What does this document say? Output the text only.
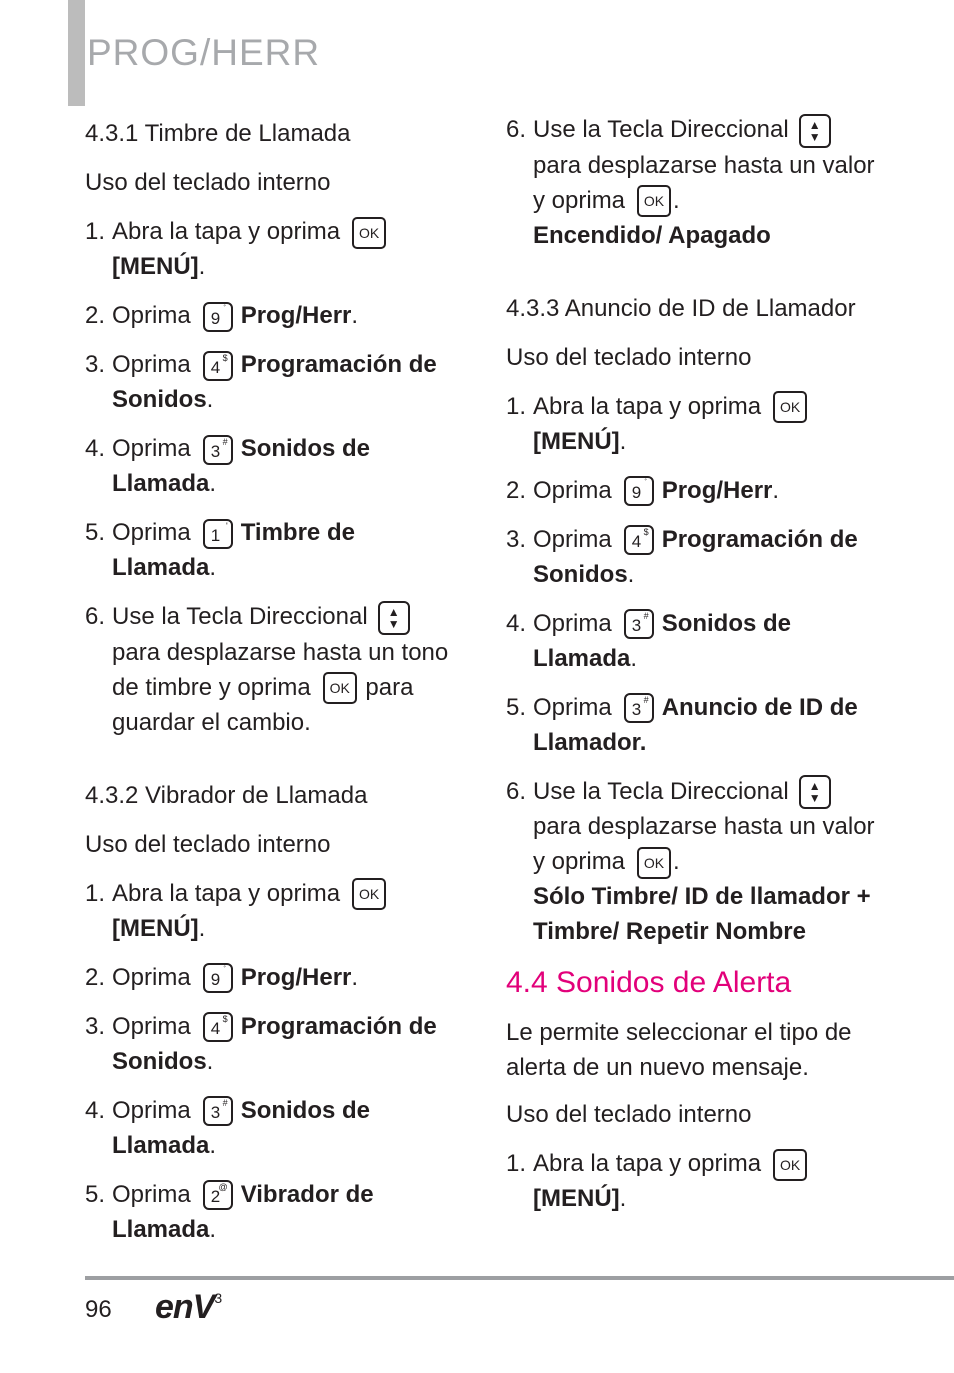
PROG/HERR
4.3.1 Timbre de Llamada
Uso del teclado interno
1. Abra la tapa y oprima OK
[MENÚ].
2. Oprima 9 ﾞ Prog/Herr.
3. Oprima 4 $ Programación de Sonidos.
4. Oprima 3 # Sonidos de Llamada.
5. Oprima 1 ' Timbre de Llamada.
6. Use la Tecla Direccional ▲
▼ para desplazarse hasta un tono de timbre y oprima OK para guardar el cambio.
4.3.2 Vibrador de Llamada
Uso del teclado interno
1. Abra la tapa y oprima OK
[MENÚ].
2. Oprima 9 ﾞ Prog/Herr.
3. Oprima 4 $ Programación de Sonidos.
4. Oprima 3 # Sonidos de Llamada.
5. Oprima 2
@ Vibrador de Llamada.
6. Use la Tecla Direccional ▲
▼ para desplazarse hasta un valor y oprima OK .
Encendido/ Apagado
4.3.3 Anuncio de ID de Llamador
Uso del teclado interno
1. Abra la tapa y oprima OK
[MENÚ].
2. Oprima 9 ﾞ Prog/Herr.
3. Oprima 4 $ Programación de Sonidos.
4. Oprima 3 # Sonidos de Llamada.
5. Oprima 3 # Anuncio de ID de Llamador.
6. Use la Tecla Direccional ▲
▼ para desplazarse hasta un valor y oprima OK .
Sólo Timbre/ ID de llamador + Timbre/ Repetir Nombre
4.4 Sonidos de Alerta
Le permite seleccionar el tipo de alerta de un nuevo mensaje.
Uso del teclado interno
1. Abra la tapa y oprima OK
[MENÚ].
96 enV$^3$
